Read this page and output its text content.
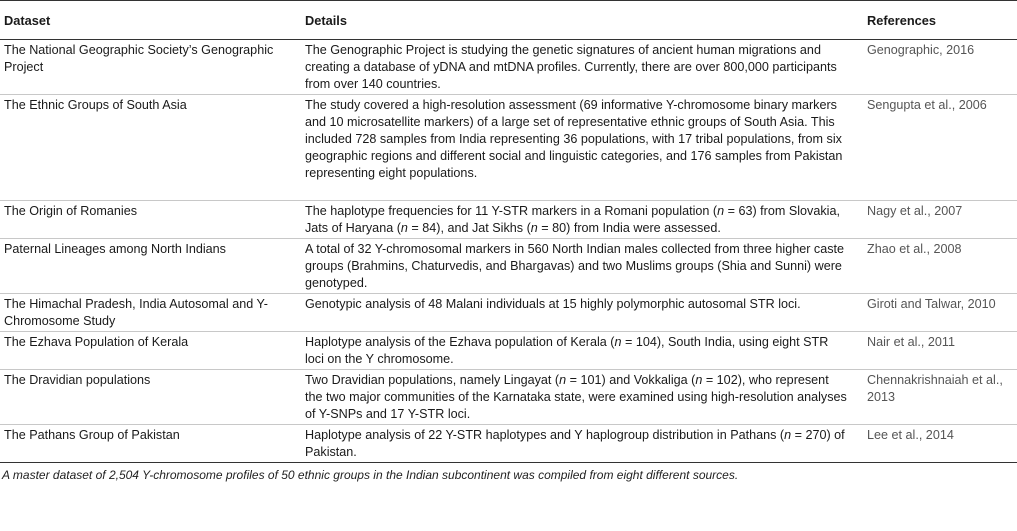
Dataset	Details	References
The National Geographic Society’s Genographic Project	The Genographic Project is studying the genetic signatures of ancient human migrations and creating a database of yDNA and mtDNA profiles. Currently, there are over 800,000 participants from over 140 countries.	Genographic, 2016
The Ethnic Groups of South Asia	The study covered a high-resolution assessment (69 informative Y-chromosome binary markers and 10 microsatellite markers) of a large set of representative ethnic groups of South Asia. This included 728 samples from India representing 36 populations, with 17 tribal populations, from six geographic regions and different social and linguistic categories, and 176 samples from Pakistan representing eight populations.	Sengupta et al., 2006
The Origin of Romanies	The haplotype frequencies for 11 Y-STR markers in a Romani population (n = 63) from Slovakia, Jats of Haryana (n = 84), and Jat Sikhs (n = 80) from India were assessed.	Nagy et al., 2007
Paternal Lineages among North Indians	A total of 32 Y-chromosomal markers in 560 North Indian males collected from three higher caste groups (Brahmins, Chaturvedis, and Bhargavas) and two Muslims groups (Shia and Sunni) were genotyped.	Zhao et al., 2008
The Himachal Pradesh, India Autosomal and Y-Chromosome Study	Genotypic analysis of 48 Malani individuals at 15 highly polymorphic autosomal STR loci.	Giroti and Talwar, 2010
The Ezhava Population of Kerala	Haplotype analysis of the Ezhava population of Kerala (n = 104), South India, using eight STR loci on the Y chromosome.	Nair et al., 2011
The Dravidian populations	Two Dravidian populations, namely Lingayat (n = 101) and Vokkaliga (n = 102), who represent the two major communities of the Karnataka state, were examined using high-resolution analyses of Y-SNPs and 17 Y-STR loci.	Chennakrishnaiah et al., 2013
The Pathans Group of Pakistan	Haplotype analysis of 22 Y-STR haplotypes and Y haplogroup distribution in Pathans (n = 270) of Pakistan.	Lee et al., 2014
A master dataset of 2,504 Y-chromosome profiles of 50 ethnic groups in the Indian subcontinent was compiled from eight different sources.
